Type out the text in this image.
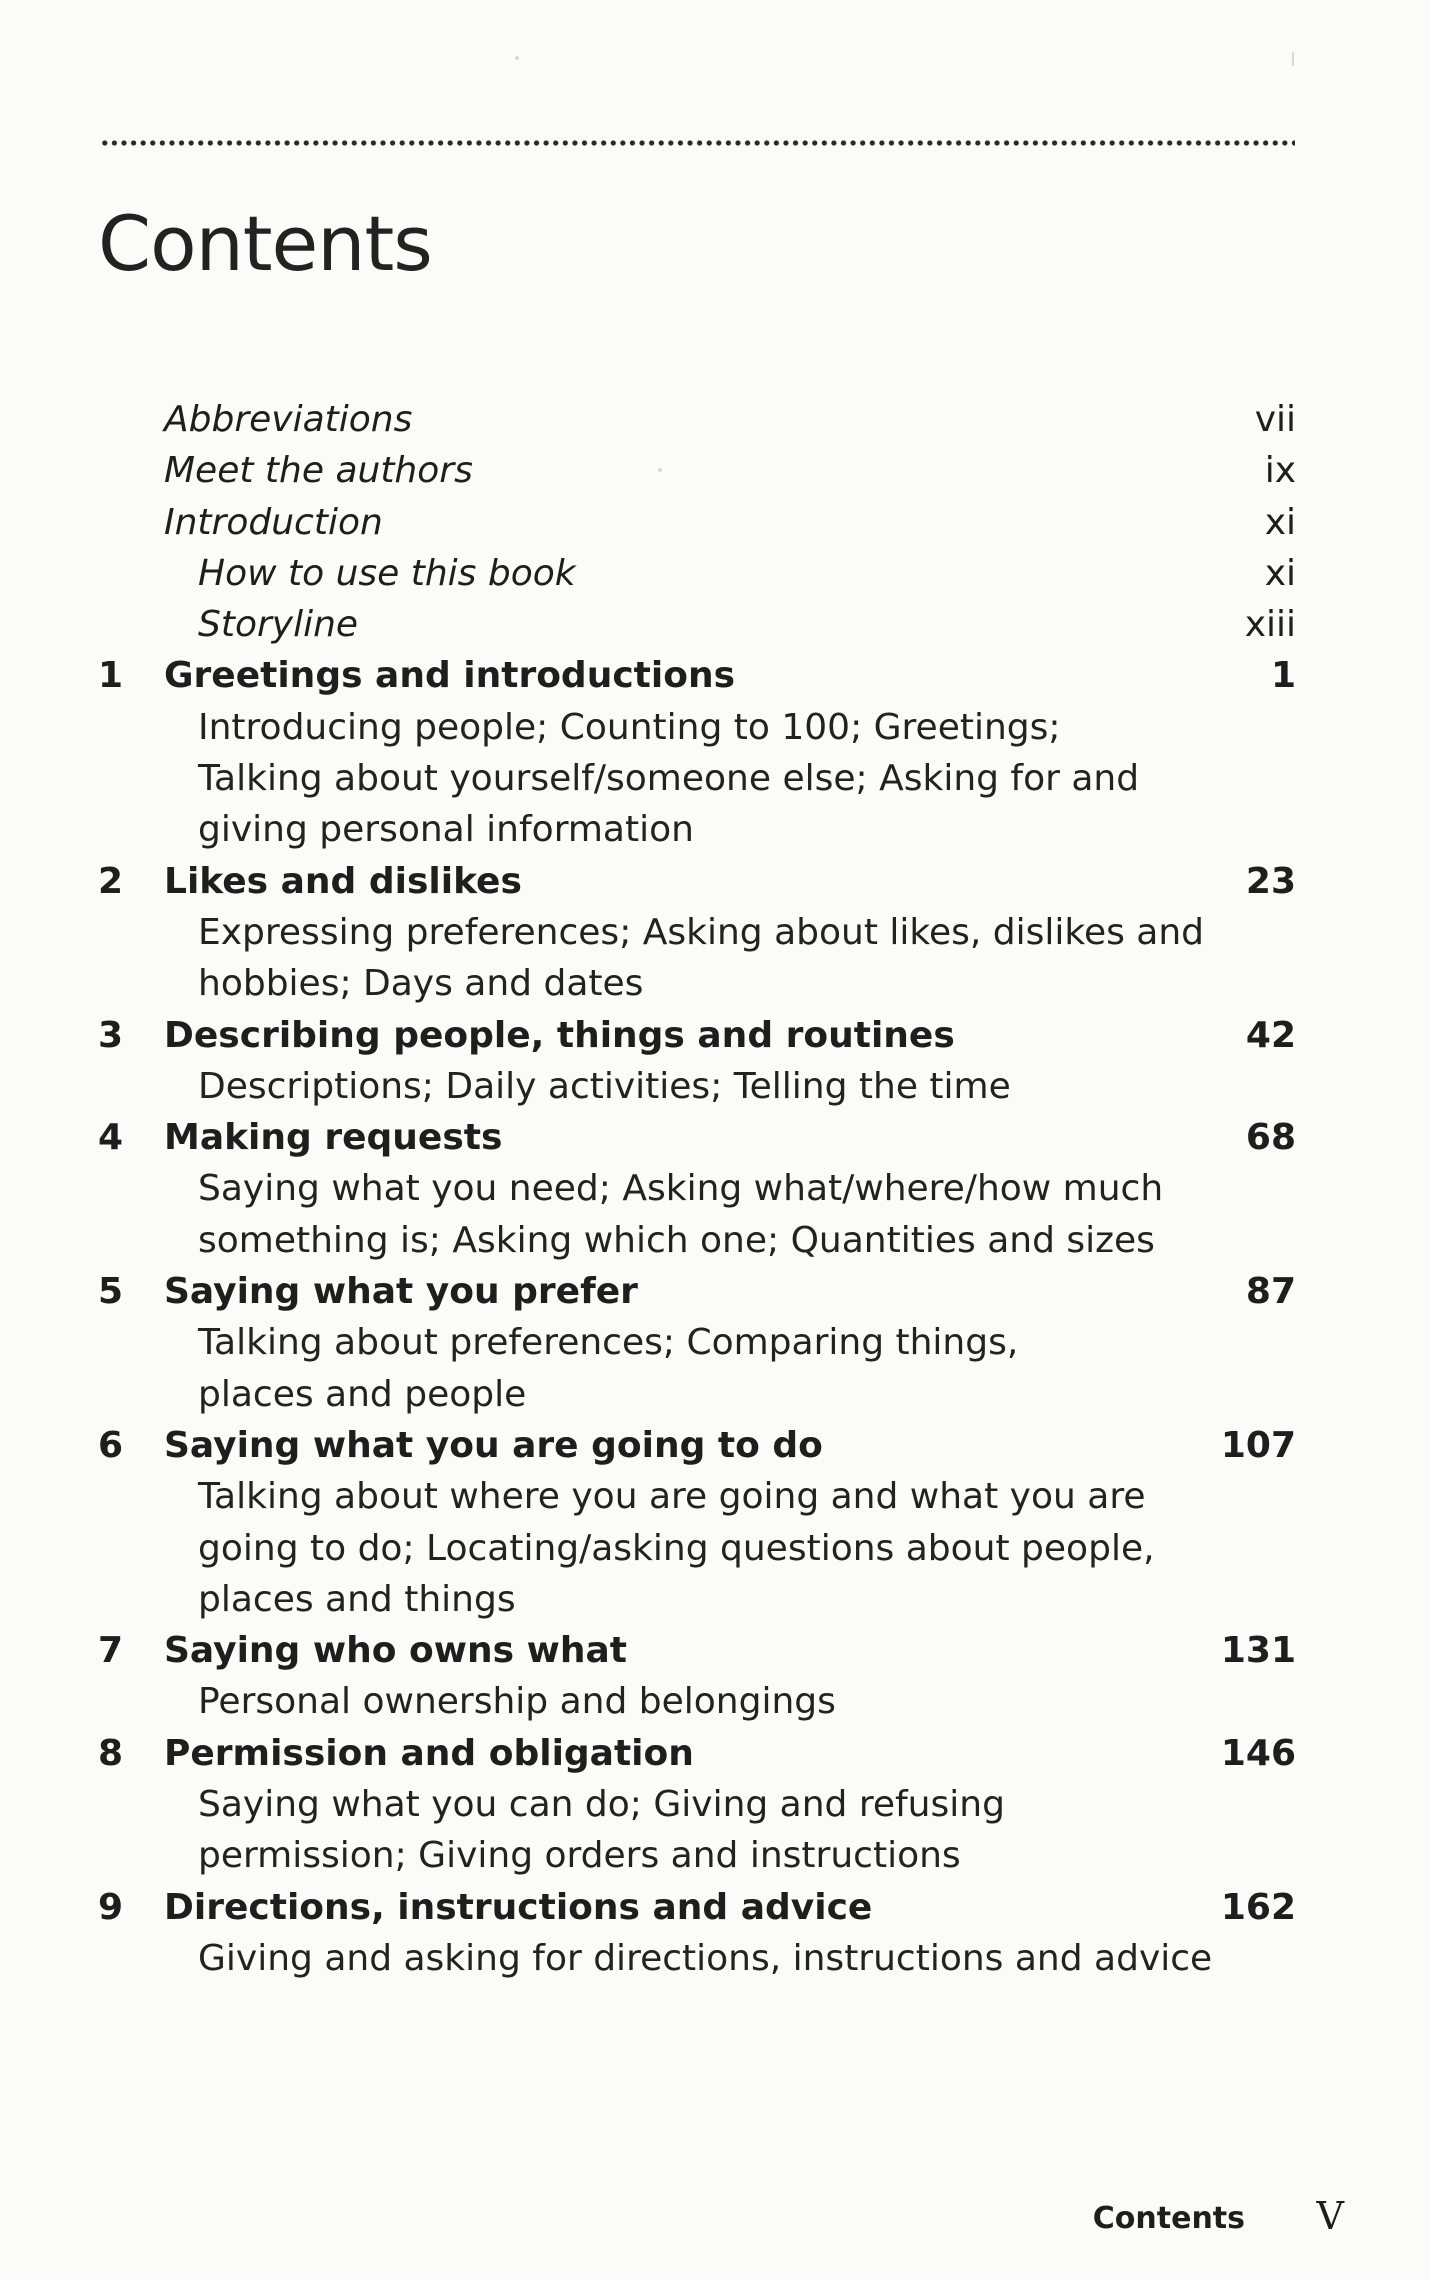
Contents
Abbreviations	vii
Meet the authors	ix
Introduction	xi
How to use this book	xi
Storyline	xiii
1	Greetings and introductions	1
Introducing people; Counting to 100; Greetings;
Talking about yourself/someone else; Asking for and
giving personal information
2	Likes and dislikes	23
Expressing preferences; Asking about likes, dislikes and
hobbies; Days and dates
3	Describing people, things and routines	42
Descriptions; Daily activities; Telling the time
4	Making requests	68
Saying what you need; Asking what/where/how much
something is; Asking which one; Quantities and sizes
5	Saying what you prefer	87
Talking about preferences; Comparing things,
places and people
6	Saying what you are going to do	107
Talking about where you are going and what you are
going to do; Locating/asking questions about people,
places and things
7	Saying who owns what	131
Personal ownership and belongings
8	Permission and obligation	146
Saying what you can do; Giving and refusing
permission; Giving orders and instructions
9	Directions, instructions and advice	162
Giving and asking for directions, instructions and advice
Contents V
